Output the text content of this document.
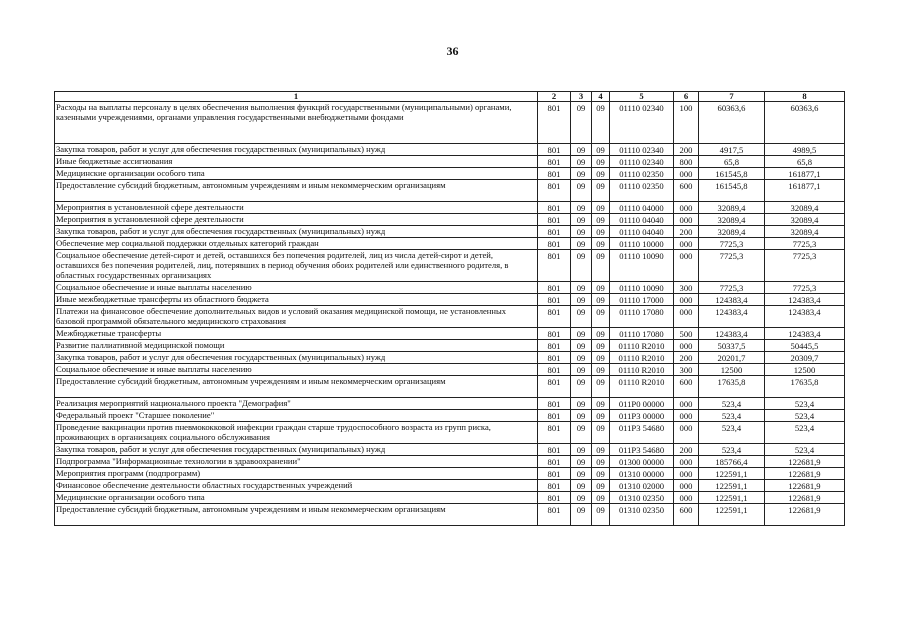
36
1	2	3	4	5	6	7	8
Расходы на выплаты персоналу в целях обеспечения выполнения функций государственными (муниципальными) органами, казенными учреждениями, органами управления государственными внебюджетными фондами	801	09	09	01110 02340	100	60363,6	60363,6
Закупка товаров, работ и услуг для обеспечения государственных (муниципальных) нужд	801	09	09	01110 02340	200	4917,5	4989,5
Иные бюджетные ассигнования	801	09	09	01110 02340	800	65,8	65,8
Медицинские организации особого типа	801	09	09	01110 02350	000	161545,8	161877,1
Предоставление субсидий бюджетным, автономным учреждениям и иным некоммерческим организациям	801	09	09	01110 02350	600	161545,8	161877,1
Мероприятия в установленной сфере деятельности	801	09	09	01110 04000	000	32089,4	32089,4
Мероприятия в установленной сфере деятельности	801	09	09	01110 04040	000	32089,4	32089,4
Закупка товаров, работ и услуг для обеспечения государственных (муниципальных) нужд	801	09	09	01110 04040	200	32089,4	32089,4
Обеспечение мер социальной поддержки отдельных категорий граждан	801	09	09	01110 10000	000	7725,3	7725,3
Социальное обеспечение детей-сирот и детей, оставшихся без попечения родителей, лиц из числа детей-сирот и детей, оставшихся без попечения родителей, лиц, потерявших в период обучения обоих родителей или единственного родителя, в областных государственных организациях	801	09	09	01110 10090	000	7725,3	7725,3
Социальное обеспечение и иные выплаты населению	801	09	09	01110 10090	300	7725,3	7725,3
Иные межбюджетные трансферты из областного бюджета	801	09	09	01110 17000	000	124383,4	124383,4
Платежи на финансовое обеспечение дополнительных видов и условий оказания медицинской помощи, не установленных базовой программой обязательного медицинского страхования	801	09	09	01110 17080	000	124383,4	124383,4
Межбюджетные трансферты	801	09	09	01110 17080	500	124383,4	124383,4
Развитие паллиативной медицинской помощи	801	09	09	01110 R2010	000	50337,5	50445,5
Закупка товаров, работ и услуг для обеспечения государственных (муниципальных) нужд	801	09	09	01110 R2010	200	20201,7	20309,7
Социальное обеспечение и иные выплаты населению	801	09	09	01110 R2010	300	12500	12500
Предоставление субсидий бюджетным, автономным учреждениям и иным некоммерческим организациям	801	09	09	01110 R2010	600	17635,8	17635,8
Реализация мероприятий национального проекта "Демография"	801	09	09	011P0 00000	000	523,4	523,4
Федеральный проект "Старшее поколение"	801	09	09	011P3 00000	000	523,4	523,4
Проведение вакцинации против пневмококковой инфекции граждан старше трудоспособного возраста из групп риска, проживающих в организациях социального обслуживания	801	09	09	011P3 54680	000	523,4	523,4
Закупка товаров, работ и услуг для обеспечения государственных (муниципальных) нужд	801	09	09	011P3 54680	200	523,4	523,4
Подпрограмма "Информационные технологии в здравоохранении"	801	09	09	01300 00000	000	185766,4	122681,9
Мероприятия программ (подпрограмм)	801	09	09	01310 00000	000	122591,1	122681,9
Финансовое обеспечение деятельности областных государственных учреждений	801	09	09	01310 02000	000	122591,1	122681,9
Медицинские организации особого типа	801	09	09	01310 02350	000	122591,1	122681,9
Предоставление субсидий бюджетным, автономным учреждениям и иным некоммерческим организациям	801	09	09	01310 02350	600	122591,1	122681,9
